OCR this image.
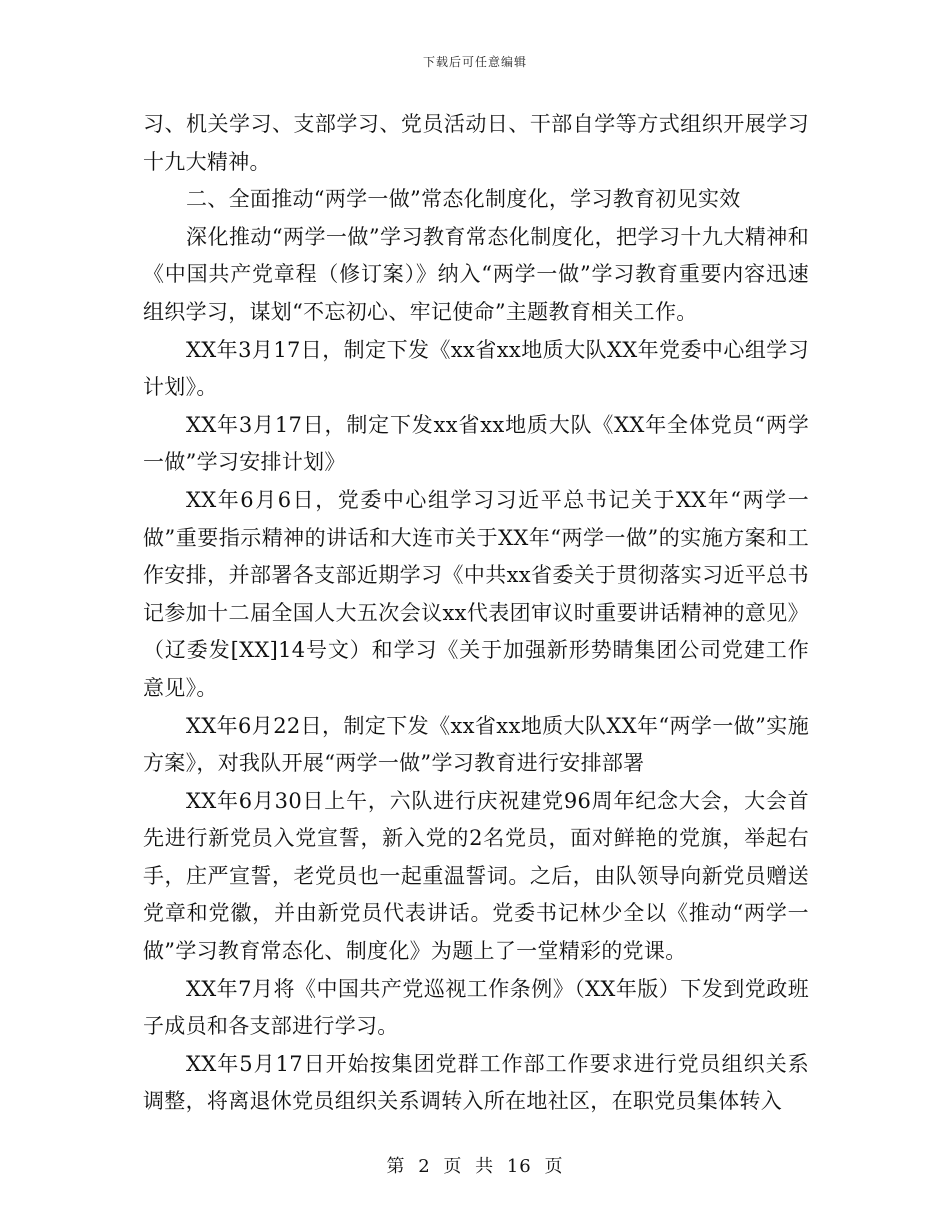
下载后可任意编辑

习、机关学习、支部学习、党员活动日、干部自学等方式组织开展学习十九大精神。

二、全面推动“两学一做”常态化制度化，学习教育初见实效

深化推动“两学一做”学习教育常态化制度化，把学习十九大精神和《中国共产党章程（修订案）》纳入“两学一做”学习教育重要内容迅速组织学习，谋划“不忘初心、牢记使命”主题教育相关工作。

XX年3月17日，制定下发《xx省xx地质大队XX年党委中心组学习计划》。

XX年3月17日，制定下发xx省xx地质大队《XX年全体党员“两学一做”学习安排计划》

XX年6月6日，党委中心组学习习近平总书记关于XX年“两学一做”重要指示精神的讲话和大连市关于XX年“两学一做”的实施方案和工作安排，并部署各支部近期学习《中共xx省委关于贯彻落实习近平总书记参加十二届全国人大五次会议xx代表团审议时重要讲话精神的意见》（辽委发[XX]14号文）和学习《关于加强新形势睛集团公司党建工作意见》。

XX年6月22日，制定下发《xx省xx地质大队XX年“两学一做”实施方案》，对我队开展“两学一做”学习教育进行安排部署

XX年6月30日上午，六队进行庆祝建党96周年纪念大会，大会首先进行新党员入党宣誓，新入党的2名党员，面对鲜艳的党旗，举起右手，庄严宣誓，老党员也一起重温誓词。之后，由队领导向新党员赠送党章和党徽，并由新党员代表讲话。党委书记林少全以《推动“两学一做”学习教育常态化、制度化》为题上了一堂精彩的党课。

XX年7月将《中国共产党巡视工作条例》（XX年版）下发到党政班子成员和各支部进行学习。

XX年5月17日开始按集团党群工作部工作要求进行党员组织关系调整，将离退休党员组织关系调转入所在地社区，在职党员集体转入

第 2 页 共 16 页
